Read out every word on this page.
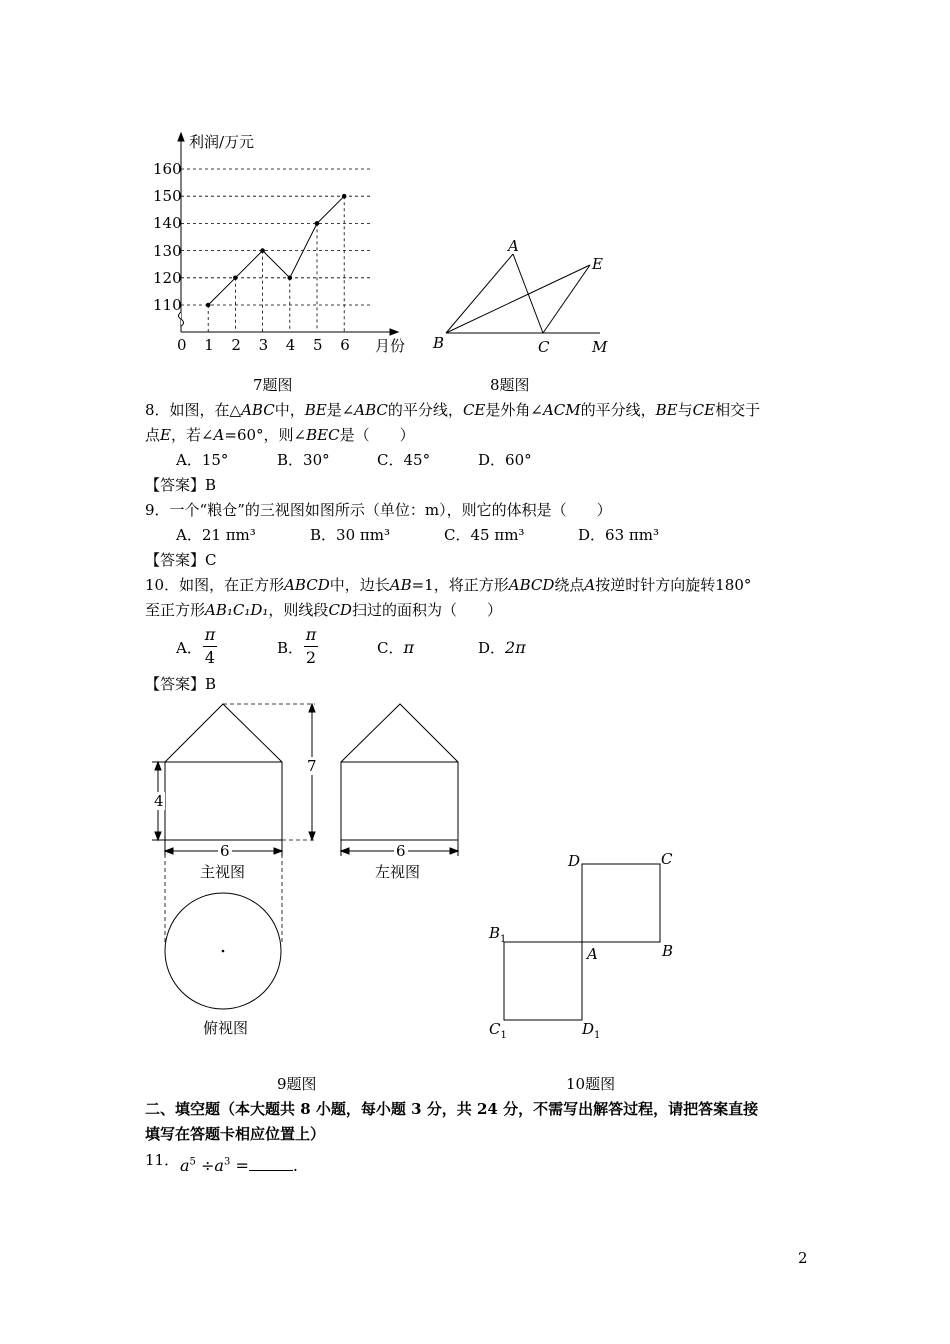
利润/万元
月份
110
120
130
140
150
160
0 1 2 3 4 5 6
7题图
A
B	C
E
M
8题图
8．如图，在△ABC中，BE是∠ABC的平分线，CE是外角∠ACM的平分线，BE与CE相交于
点E，若∠A=60°，则∠BEC是（　　）
A．15°	B．30°	C．45°	D．60°
【答案】B
9．一个“粮仓”的三视图如图所示（单位：m），则它的体积是（　　）
A．21 πm³	B．30 πm³	C．45 πm³	D．63 πm³
【答案】C
10．如图，在正方形ABCD中，边长AB=1，将正方形ABCD绕点A按逆时针方向旋转180°
至正方形AB₁C₁D₁，则线段CD扫过的面积为（　　）
A． $\frac{\pi}{4}$	B． $\frac{\pi}{2}$	C．π	D．2π
【答案】B
4
7
6	6
主视图	左视图
俯视图
9题图
D	C
$B_1$
A	B
$C_1$	$D_1$
10题图
二、填空题（本大题共 8 小题，每小题 3 分，共 24 分，不需写出解答过程，请把答案直接
填写在答题卡相应位置上）
11． $a^5 \div a^3$ =	.
2
